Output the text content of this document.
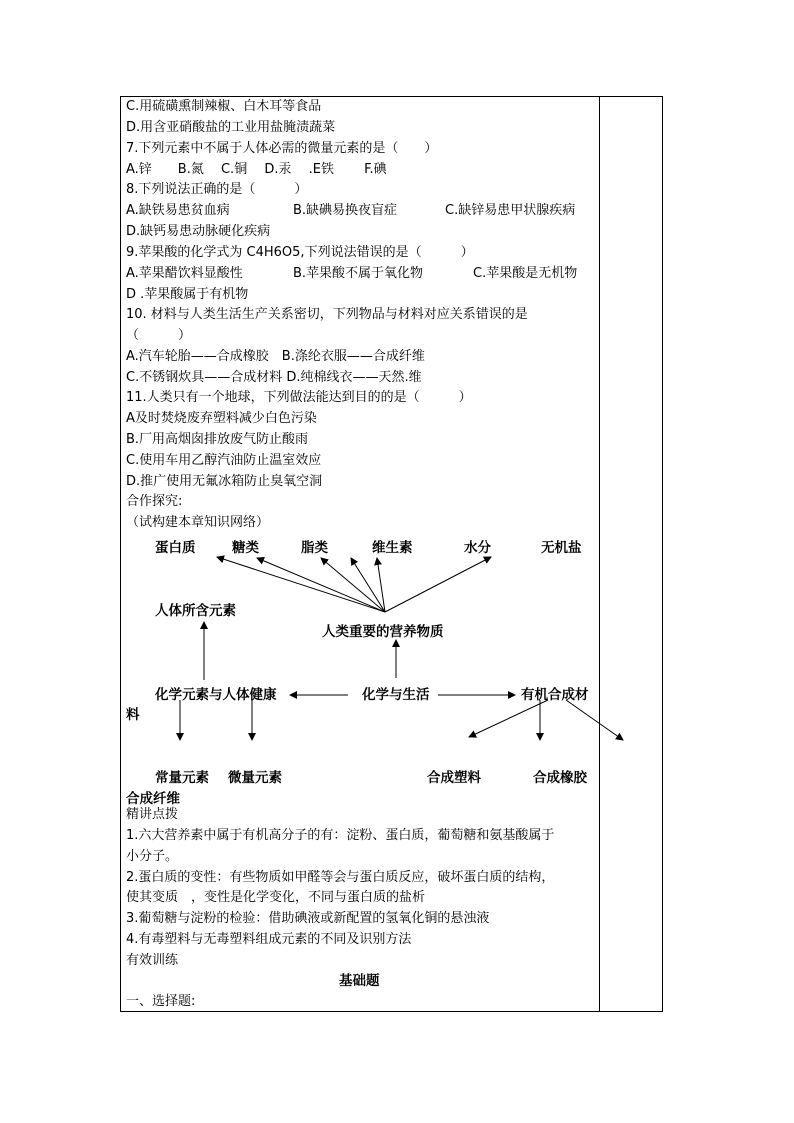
C.用硫磺熏制辣椒、白木耳等食品
D.用含亚硝酸盐的工业用盐腌渍蔬菜
7.下列元素中不属于人体必需的微量元素的是（　　）
A.锌　　B.氮　 C.铜　 D.汞　 .E铁　　 F.碘
8.下列说法正确的是（　　　）
A.缺铁易患贫血病	B.缺碘易换夜盲症	C.缺锌易患甲状腺疾病
D.缺钙易患动脉硬化疾病
9.苹果酸的化学式为 C4H6O5,下列说法错误的是（　　　）
A.苹果醋饮料显酸性	B.苹果酸不属于氧化物	C.苹果酸是无机物
D .苹果酸属于有机物
10. 材料与人类生活生产关系密切，下列物品与材料对应关系错误的是
（　　　）
A.汽车轮胎——合成橡胶　B.涤纶衣服——合成纤维
C.不锈钢炊具——合成材料 D.纯棉线衣——天然.维
11.人类只有一个地球，下列做法能达到目的的是（　　　）
A及时焚烧废弃塑料减少白色污染
B.厂用高烟囱排放废气防止酸雨
C.使用车用乙醇汽油防止温室效应
D.推广使用无氟冰箱防止臭氧空洞
合作探究:
（试构建本章知识网络）
蛋白质	糖类	脂类	维生素	水分	无机盐
人体所含元素
人类重要的营养物质
化学元素与人体健康	化学与生活	有机合成材
料
常量元素 微量元素	合成塑料	合成橡胶
合成纤维
精讲点拨
1.六大营养素中属于有机高分子的有：淀粉、蛋白质，葡萄糖和氨基酸属于
小分子。
2.蛋白质的变性：有些物质如甲醛等会与蛋白质反应，破坏蛋白质的结构，
使其变质　，变性是化学变化，不同与蛋白质的盐析
3.葡萄糖与淀粉的检验：借助碘液或新配置的氢氧化铜的悬浊液
4.有毒塑料与无毒塑料组成元素的不同及识别方法
有效训练
基础题
一、选择题:
